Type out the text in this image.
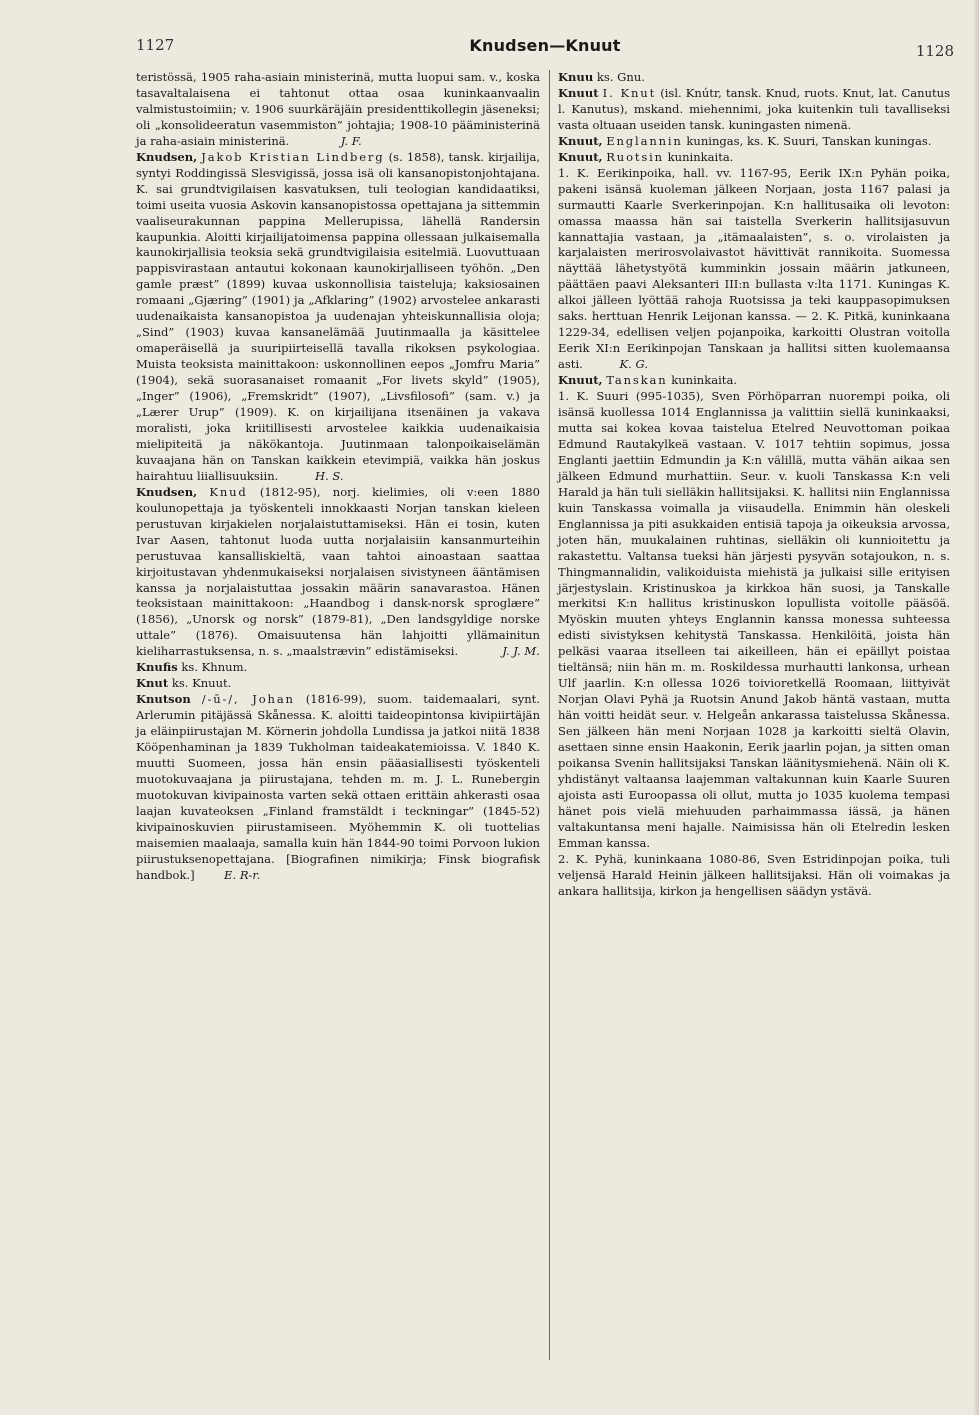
1127	Knudsen—Knuut	1128

teristössä, 1905 raha-asiain ministerinä, mutta luopui sam. v., koska tasavaltalaisena ei tahtonut ottaa osaa kuninkaanvaalin valmistustoimiin; v. 1906 suurkäräjäin presidenttikollegin jäseneksi; oli „konsolideeratun vasemmiston” johtajia; 1908-10 pääministerinä ja raha-asiain ministerinä.	J. F.

Knudsen, Jakob Kristian Lindberg (s. 1858), tansk. kirjailija, syntyi Roddingissä Slesvigissä, jossa isä oli kansanopistonjohtajana. K. sai grundtvigilaisen kasvatuksen, tuli teologian kandidaatiksi, toimi useita vuosia Askovin kansanopistossa opettajana ja sittemmin vaaliseurakunnan pappina Mellerupissa, lähellä Randersin kaupunkia. Aloitti kirjailijatoimensa pappina ollessaan julkaisemalla kaunokirjallisia teoksia sekä grundtvigilaisia esitelmiä. Luovuttuaan pappisvirastaan antautui kokonaan kaunokirjalliseen työhön. „Den gamle præst” (1899) kuvaa uskonnollisia taisteluja; kaksiosainen romaani „Gjæring” (1901) ja „Afklaring” (1902) arvostelee ankarasti uudenaikaista kansanopistoa ja uudenajan yhteiskunnallisia oloja; „Sind” (1903) kuvaa kansanelämää Juutinmaalla ja käsittelee omaperäisellä ja suuripiirteisellä tavalla rikoksen psykologiaa. Muista teoksista mainittakoon: uskonnollinen eepos „Jomfru Maria” (1904), sekä suorasanaiset romaanit „For livets skyld” (1905), „Inger” (1906), „Fremskridt” (1907), „Livsfilosofi” (sam. v.) ja „Lærer Urup” (1909). K. on kirjailijana itsenäinen ja vakava moralisti, joka kriitillisesti arvostelee kaikkia uudenaikaisia mielipiteitä ja näkökantoja. Juutinmaan talonpoikaiselämän kuvaajana hän on Tanskan kaikkein etevimpiä, vaikka hän joskus hairahtuu liiallisuuksiin.	H. S.

Knudsen, Knud (1812-95), norj. kielimies, oli v:een 1880 koulunopettaja ja työskenteli innokkaasti Norjan tanskan kieleen perustuvan kirjakielen norjalaistuttamiseksi. Hän ei tosin, kuten Ivar Aasen, tahtonut luoda uutta norjalaisiin kansanmurteihin perustuvaa kansalliskieltä, vaan tahtoi ainoastaan saattaa kirjoitustavan yhdenmukaiseksi norjalaisen sivistyneen ääntämisen kanssa ja norjalaistuttaa jossakin määrin sanavarastoa. Hänen teoksistaan mainittakoon: „Haandbog i dansk-norsk sproglære” (1856), „Unorsk og norsk” (1879-81), „Den landsgyldige norske uttale” (1876). Omaisuutensa hän lahjoitti yllämainitun kieliharrastuksensa, n. s. „maalstrævin” edistämiseksi.	J. J. M.

Knufis ks. Khnum.

Knut ks. Knuut.

Knutson /-ū-/, Johan (1816-99), suom. taidemaalari, synt. Arlerumin pitäjässä Skånessa. K. aloitti taideopintonsa kivipiirtäjän ja eläinpiirustajan M. Körnerin johdolla Lundissa ja jatkoi niitä 1838 Kööpenhaminan ja 1839 Tukholman taideakatemioissa. V. 1840 K. muutti Suomeen, jossa hän ensin pääasiallisesti työskenteli muotokuvaajana ja piirustajana, tehden m. m. J. L. Runebergin muotokuvan kivipainosta varten sekä ottaen erittäin ahkerasti osaa laajan kuvateoksen „Finland framstäldt i teckningar” (1845-52) kivipainoskuvien piirustamiseen. Myöhemmin K. oli tuottelias maisemien maalaaja, samalla kuin hän 1844-90 toimi Porvoon lukion piirustuksenopettajana. [Biografinen nimikirja; Finsk biografisk handbok.]	E. R-r.

Knuu ks. Gnu.

Knuut I. Knut (isl. Knútr, tansk. Knud, ruots. Knut, lat. Canutus l. Kanutus), mskand. miehennimi, joka kuitenkin tuli tavalliseksi vasta oltuaan useiden tansk. kuningasten nimenä.

Knuut, Englannin kuningas, ks. K. Suuri, Tanskan kuningas.

Knuut, Ruotsin kuninkaita.

1. K. Eerikinpoika, hall. vv. 1167-95, Eerik IX:n Pyhän poika, pakeni isänsä kuoleman jälkeen Norjaan, josta 1167 palasi ja surmautti Kaarle Sverkerinpojan. K:n hallitusaika oli levoton: omassa maassa hän sai taistella Sverkerin hallitsijasuvun kannattajia vastaan, ja „itämaalaisten”, s. o. virolaisten ja karjalaisten merirosvolaivastot hävittivät rannikoita. Suomessa näyttää lähetystyötä kumminkin jossain määrin jatkuneen, päättäen paavi Aleksanteri III:n bullasta v:lta 1171. Kuningas K. alkoi jälleen lyöttää rahoja Ruotsissa ja teki kauppasopimuksen saks. herttuan Henrik Leijonan kanssa. — 2. K. Pitkä, kuninkaana 1229-34, edellisen veljen pojanpoika, karkoitti Olustran voitolla Eerik XI:n Eerikinpojan Tanskaan ja hallitsi sitten kuolemaansa asti.	K. G.

Knuut, Tanskan kuninkaita.

1. K. Suuri (995-1035), Sven Pörhöparran nuorempi poika, oli isänsä kuollessa 1014 Englannissa ja valittiin siellä kuninkaaksi, mutta sai kokea kovaa taistelua Etelred Neuvottoman poikaa Edmund Rautakylkeä vastaan. V. 1017 tehtiin sopimus, jossa Englanti jaettiin Edmundin ja K:n välillä, mutta vähän aikaa sen jälkeen Edmund murhattiin. Seur. v. kuoli Tanskassa K:n veli Harald ja hän tuli sielläkin hallitsijaksi. K. hallitsi niin Englannissa kuin Tanskassa voimalla ja viisaudella. Enimmin hän oleskeli Englannissa ja piti asukkaiden entisiä tapoja ja oikeuksia arvossa, joten hän, muukalainen ruhtinas, sielläkin oli kunnioitettu ja rakastettu. Valtansa tueksi hän järjesti pysyvän sotajoukon, n. s. Thingmannalidin, valikoiduista miehistä ja julkaisi sille erityisen järjestyslain. Kristinuskoa ja kirkkoa hän suosi, ja Tanskalle merkitsi K:n hallitus kristinuskon lopullista voitolle pääsöä. Myöskin muuten yhteys Englannin kanssa monessa suhteessa edisti sivistyksen kehitystä Tanskassa. Henkilöitä, joista hän pelkäsi vaaraa itselleen tai aikeilleen, hän ei epäillyt poistaa tieltänsä; niin hän m. m. Roskildessa murhautti lankonsa, urhean Ulf jaarlin. K:n ollessa 1026 toivioretkellä Roomaan, liittyivät Norjan Olavi Pyhä ja Ruotsin Anund Jakob häntä vastaan, mutta hän voitti heidät seur. v. Helgeån ankarassa taistelussa Skånessa. Sen jälkeen hän meni Norjaan 1028 ja karkoitti sieltä Olavin, asettaen sinne ensin Haakonin, Eerik jaarlin pojan, ja sitten oman poikansa Svenin hallitsijaksi Tanskan läänitysmiehenä. Näin oli K. yhdistänyt valtaansa laajemman valtakunnan kuin Kaarle Suuren ajoista asti Euroopassa oli ollut, mutta jo 1035 kuolema tempasi hänet pois vielä miehuuden parhaimmassa iässä, ja hänen valtakuntansa meni hajalle. Naimisissa hän oli Etelredin lesken Emman kanssa.

2. K. Pyhä, kuninkaana 1080-86, Sven Estridinpojan poika, tuli veljensä Harald Heinin jälkeen hallitsijaksi. Hän oli voimakas ja ankara hallitsija, kirkon ja hengellisen säädyn ystävä.
